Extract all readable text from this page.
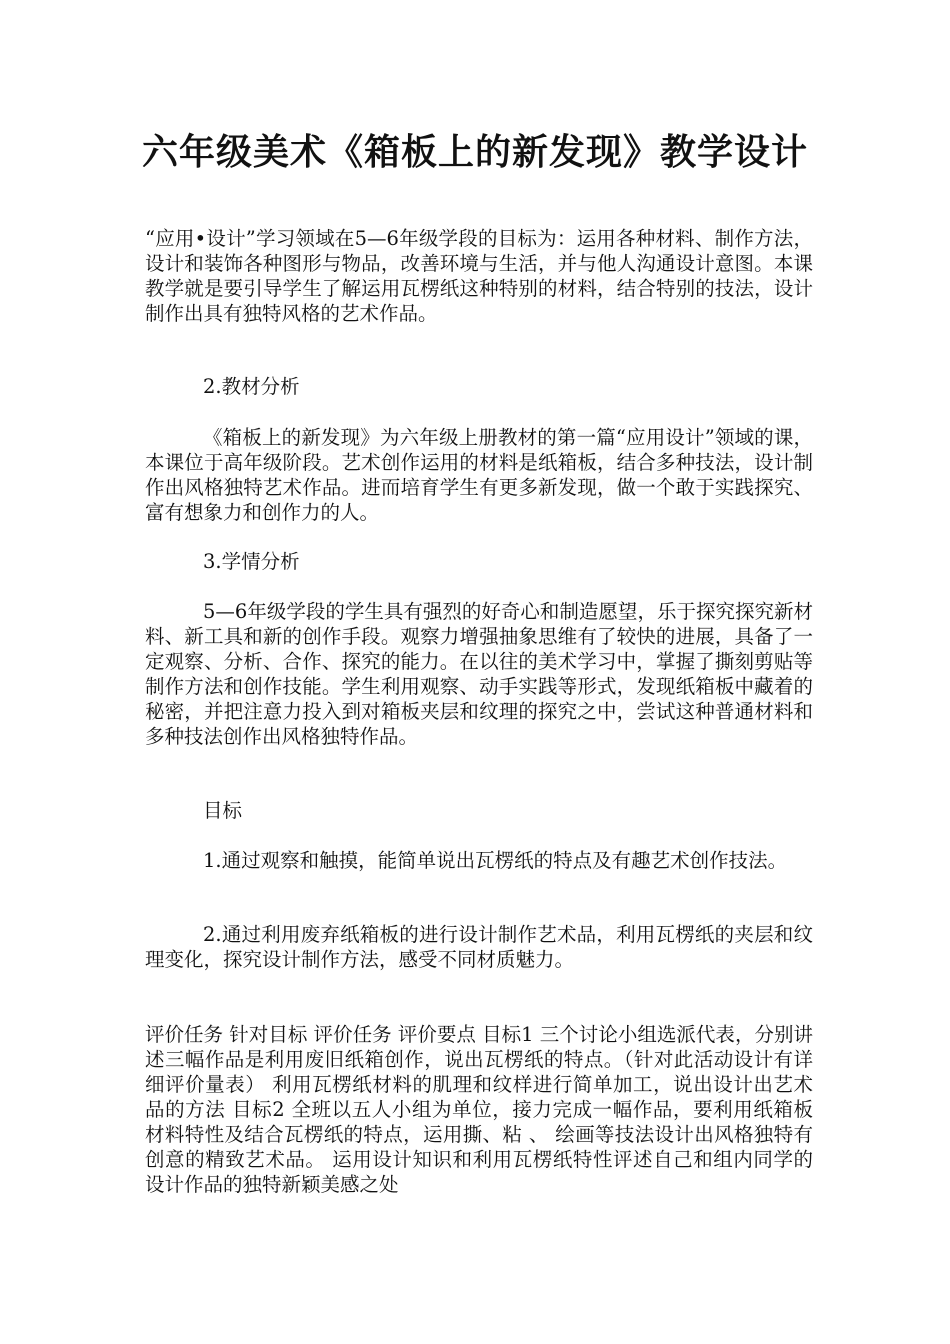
六年级美术《箱板上的新发现》教学设计

“应用•设计”学习领域在5—6年级学段的目标为：运用各种材料、制作方法，设计和装饰各种图形与物品，改善环境与生活，并与他人沟通设计意图。本课教学就是要引导学生了解运用瓦楞纸这种特别的材料，结合特别的技法，设计制作出具有独特风格的艺术作品。

2.教材分析

《箱板上的新发现》为六年级上册教材的第一篇“应用设计”领域的课，本课位于高年级阶段。艺术创作运用的材料是纸箱板，结合多种技法，设计制作出风格独特艺术作品。进而培育学生有更多新发现，做一个敢于实践探究、富有想象力和创作力的人。

3.学情分析

5—6年级学段的学生具有强烈的好奇心和制造愿望，乐于探究探究新材料、新工具和新的创作手段。观察力增强抽象思维有了较快的进展，具备了一定观察、分析、合作、探究的能力。在以往的美术学习中，掌握了撕刻剪贴等制作方法和创作技能。学生利用观察、动手实践等形式，发现纸箱板中藏着的秘密，并把注意力投入到对箱板夹层和纹理的探究之中，尝试这种普通材料和多种技法创作出风格独特作品。

目标

1.通过观察和触摸，能简单说出瓦楞纸的特点及有趣艺术创作技法。

2.通过利用废弃纸箱板的进行设计制作艺术品，利用瓦楞纸的夹层和纹理变化，探究设计制作方法，感受不同材质魅力。

评价任务 针对目标 评价任务 评价要点 目标1 三个讨论小组选派代表，分别讲述三幅作品是利用废旧纸箱创作，说出瓦楞纸的特点。（针对此活动设计有详细评价量表） 利用瓦楞纸材料的肌理和纹样进行简单加工，说出设计出艺术品的方法 目标2 全班以五人小组为单位，接力完成一幅作品，要利用纸箱板材料特性及结合瓦楞纸的特点，运用撕、粘 、 绘画等技法设计出风格独特有创意的精致艺术品。 运用设计知识和利用瓦楞纸特性评述自己和组内同学的设计作品的独特新颖美感之处
